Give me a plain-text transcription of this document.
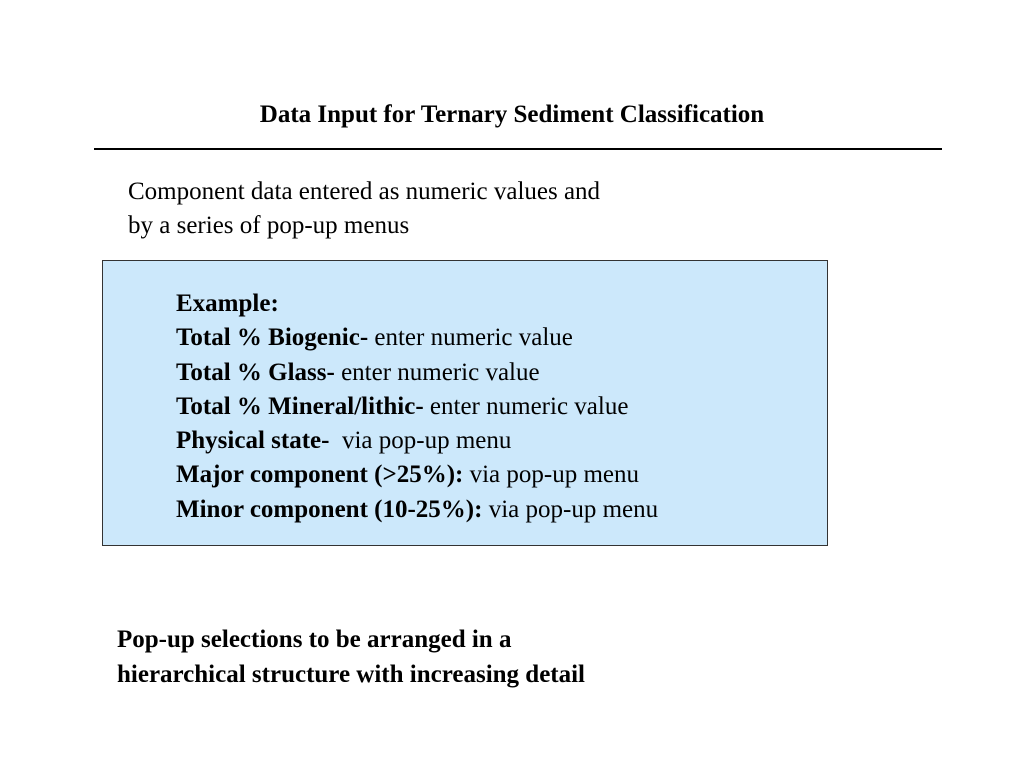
Data Input for Ternary Sediment Classification
Component data entered as numeric values and
by a series of pop-up menus
Example:
Total % Biogenic- enter numeric value
Total % Glass- enter numeric value
Total % Mineral/lithic- enter numeric value
Physical state-  via pop-up menu
Major component (>25%): via pop-up menu
Minor component (10-25%): via pop-up menu
Pop-up selections to be arranged in a
hierarchical structure with increasing detail
